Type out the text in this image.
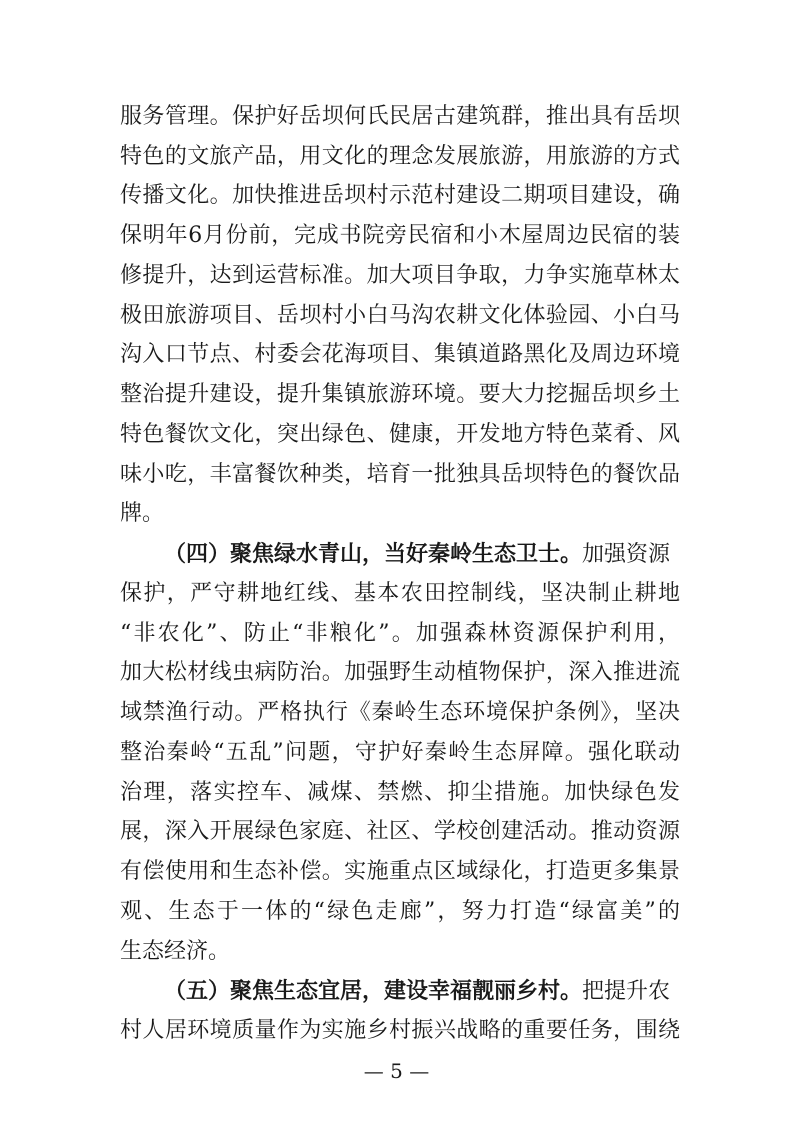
服务管理。保护好岳坝何氏民居古建筑群，推出具有岳坝
特色的文旅产品，用文化的理念发展旅游，用旅游的方式
传播文化。加快推进岳坝村示范村建设二期项目建设，确
保明年6月份前，完成书院旁民宿和小木屋周边民宿的装
修提升，达到运营标准。加大项目争取，力争实施草林太
极田旅游项目、岳坝村小白马沟农耕文化体验园、小白马
沟入口节点、村委会花海项目、集镇道路黑化及周边环境
整治提升建设，提升集镇旅游环境。要大力挖掘岳坝乡土
特色餐饮文化，突出绿色、健康，开发地方特色菜肴、风
味小吃，丰富餐饮种类，培育一批独具岳坝特色的餐饮品
牌。
（四）聚焦绿水青山，当好秦岭生态卫士。加强资源
保护，严守耕地红线、基本农田控制线，坚决制止耕地
“非农化”、防止“非粮化”。加强森林资源保护利用，
加大松材线虫病防治。加强野生动植物保护，深入推进流
域禁渔行动。严格执行《秦岭生态环境保护条例》，坚决
整治秦岭“五乱”问题，守护好秦岭生态屏障。强化联动
治理，落实控车、减煤、禁燃、抑尘措施。加快绿色发
展，深入开展绿色家庭、社区、学校创建活动。推动资源
有偿使用和生态补偿。实施重点区域绿化，打造更多集景
观、生态于一体的“绿色走廊”，努力打造“绿富美”的
生态经济。
（五）聚焦生态宜居，建设幸福靓丽乡村。把提升农
村人居环境质量作为实施乡村振兴战略的重要任务，围绕
— 5 —
